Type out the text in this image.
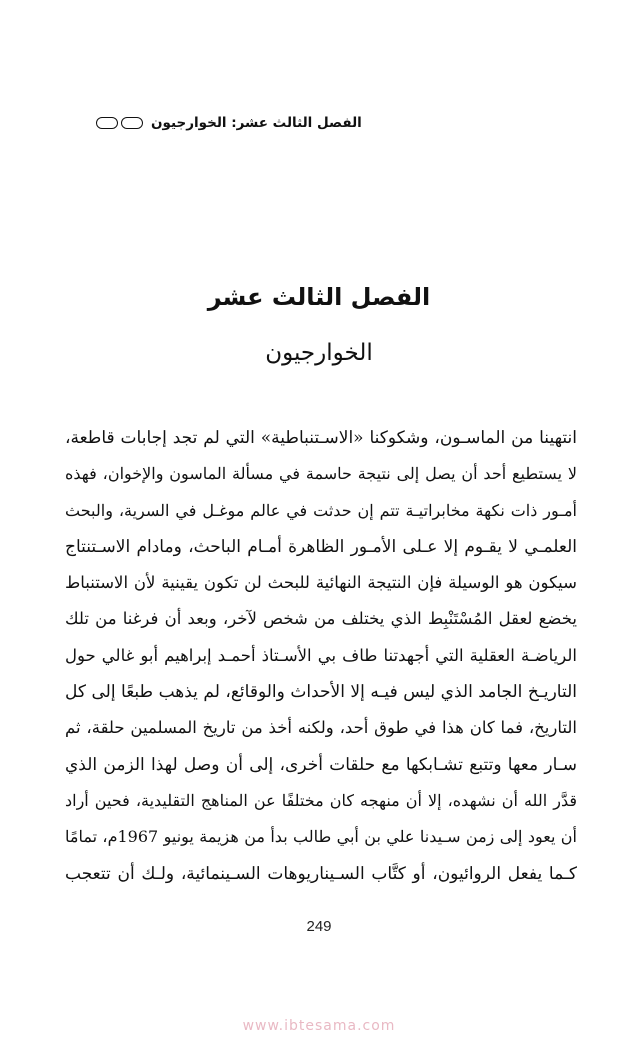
الفصل الثالث عشر: الخوارجيون
الفصل الثالث عشر
الخوارجيون
انتهينا من الماسـون، وشكوكنا «الاسـتنباطية» التي لم تجد إجابات قاطعة،
لا يستطيع أحد أن يصل إلى نتيجة حاسمة في مسألة الماسون والإخوان، فهذه
أمـور ذات نكهة مخابراتيـة تتم إن حدثت في عالم موغـل في السرية، والبحث
العلمـي لا يقـوم إلا عـلى الأمـور الظاهرة أمـام الباحث، ومادام الاسـتنتاج
سيكون هو الوسيلة فإن النتيجة النهائية للبحث لن تكون يقينية لأن الاستنباط
يخضع لعقل المُسْتَنْبِط الذي يختلف من شخص لآخر، وبعد أن فرغنا من تلك
الرياضـة العقلية التي أجهدتنا طاف بي الأسـتاذ أحمـد إبراهيم أبو غالي حول
التاريـخ الجامد الذي ليس فيـه إلا الأحداث والوقائع، لم يذهب طبعًا إلى كل
التاريخ، فما كان هذا في طوق أحد، ولكنه أخذ من تاريخ المسلمين حلقة، ثم
سـار معها وتتبع تشـابكها مع حلقات أخرى، إلى أن وصل لهذا الزمن الذي
قدَّر الله أن نشهده، إلا أن منهجه كان مختلفًا عن المناهج التقليدية، فحين أراد
أن يعود إلى زمن سـيدنا علي بن أبي طالب بدأ من هزيمة يونيو 1967م، تمامًا
كـما يفعل الروائيون، أو كتَّاب السـيناريوهات السـينمائية، ولـك أن تتعجب
249
www.ibtesama.com
